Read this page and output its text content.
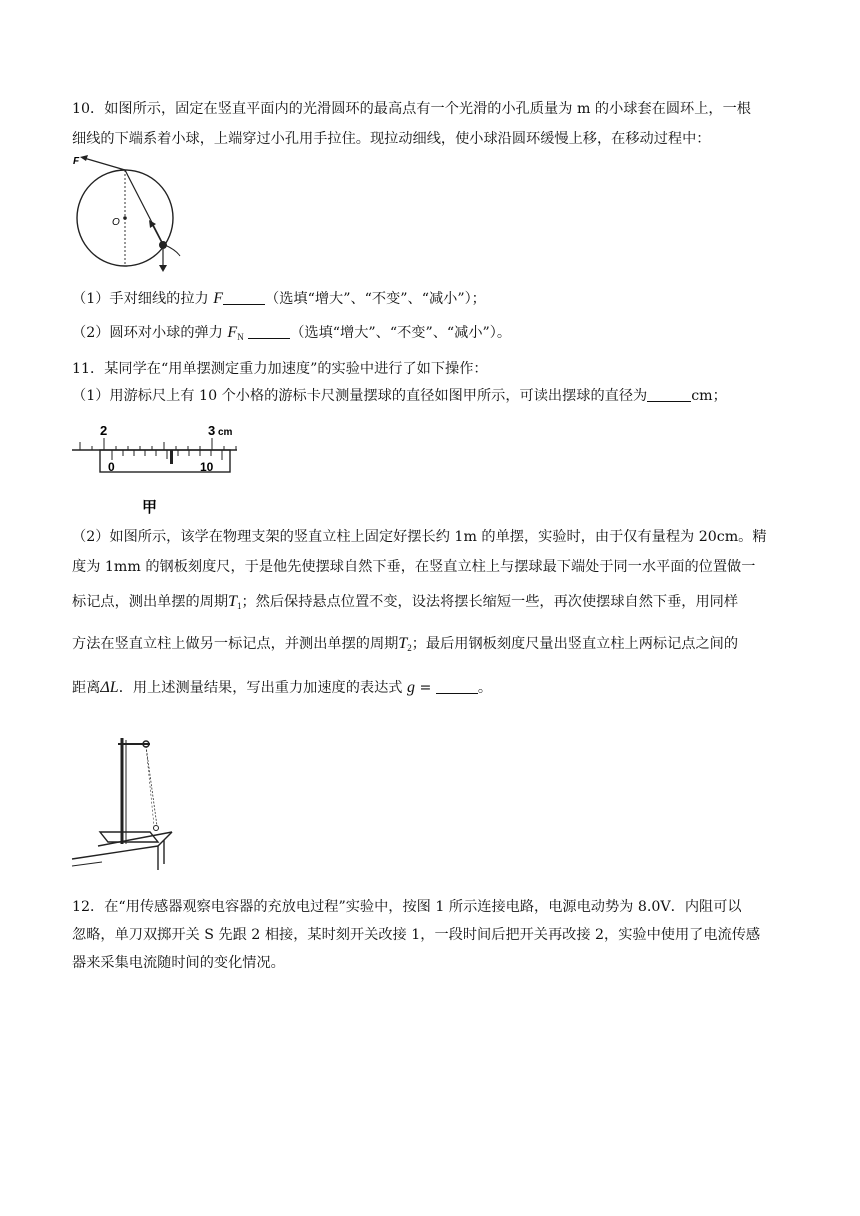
10．如图所示，固定在竖直平面内的光滑圆环的最高点有一个光滑的小孔质量为 m 的小球套在圆环上，一根
细线的下端系着小球，上端穿过小孔用手拉住。现拉动细线，使小球沿圆环缓慢上移，在移动过程中：
F
O
（1）手对细线的拉力 F	（选填“增大”、“不变”、“减小”）；
（2）圆环对小球的弹力 $F_N$	（选填“增大”、“不变”、“减小”）。
11．某同学在“用单摆测定重力加速度”的实验中进行了如下操作：
（1）用游标尺上有 10 个小格的游标卡尺测量摆球的直径如图甲所示，可读出摆球的直径为	cm；
2	3 cm
0	10
甲
（2）如图所示，该学在物理支架的竖直立柱上固定好摆长约 1m 的单摆，实验时，由于仅有量程为 20cm。精
度为 1mm 的钢板刻度尺，于是他先使摆球自然下垂，在竖直立柱上与摆球最下端处于同一水平面的位置做一
标记点，测出单摆的周期$T_1$；然后保持悬点位置不变，设法将摆长缩短一些，再次使摆球自然下垂，用同样
方法在竖直立柱上做另一标记点，并测出单摆的周期$T_2$；最后用钢板刻度尺量出竖直立柱上两标记点之间的
距离ΔL．用上述测量结果，写出重力加速度的表达式 g =	。
12．在“用传感器观察电容器的充放电过程”实验中，按图 1 所示连接电路，电源电动势为 8.0V．内阻可以
忽略，单刀双掷开关 S 先跟 2 相接，某时刻开关改接 1，一段时间后把开关再改接 2，实验中使用了电流传感
器来采集电流随时间的变化情况。
